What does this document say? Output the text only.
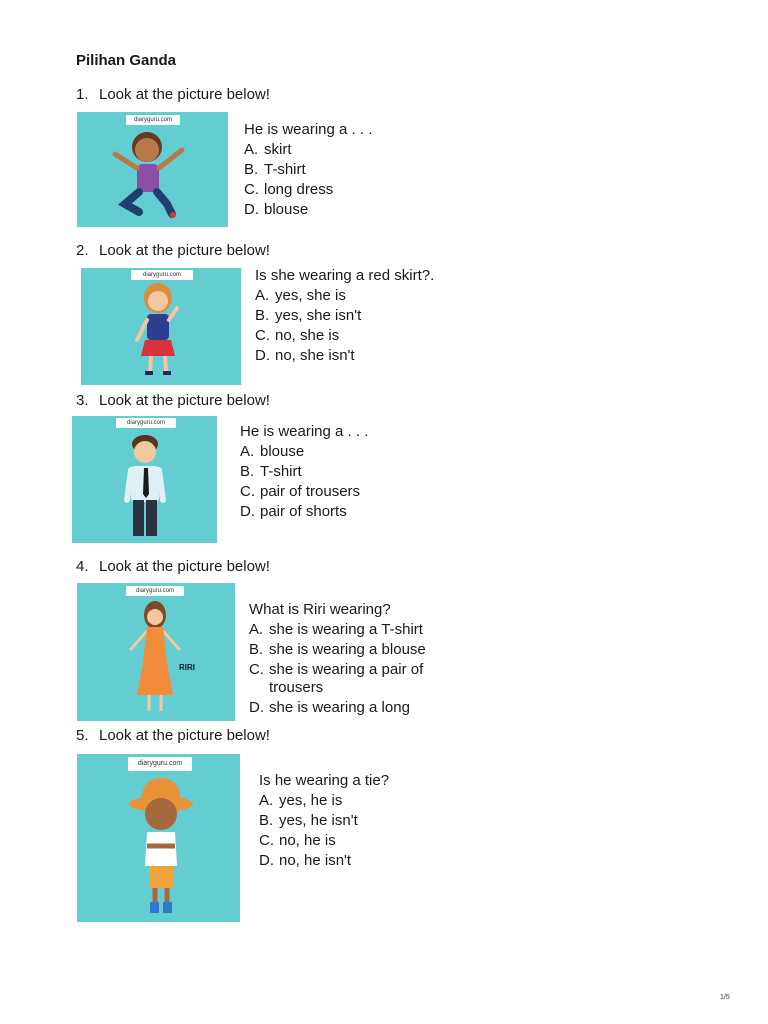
Pilihan Ganda
1. Look at the picture below!
diaryguru.com
He is wearing a . . .
A. skirt
B. T-shirt
C. long dress
D. blouse
2. Look at the picture below!
diaryguru.com	Is she wearing a red skirt?.
A. yes, she is
B. yes, she isn't
C. no, she is
D. no, she isn't
3. Look at the picture below!
diaryguru.com	He is wearing a . . .
A. blouse
B. T-shirt
C. pair of trousers
D. pair of shorts
4. Look at the picture below!
diaryguru.com
RIRI
What is Riri wearing?
A. she is wearing a T-shirt
B. she is wearing a blouse
C. she is wearing a pair of
trousers
D. she is wearing a long
5. Look at the picture below!
diaryguru.com
Is he wearing a tie?
A. yes, he is
B. yes, he isn't
C. no, he is
D. no, he isn't
1/5
